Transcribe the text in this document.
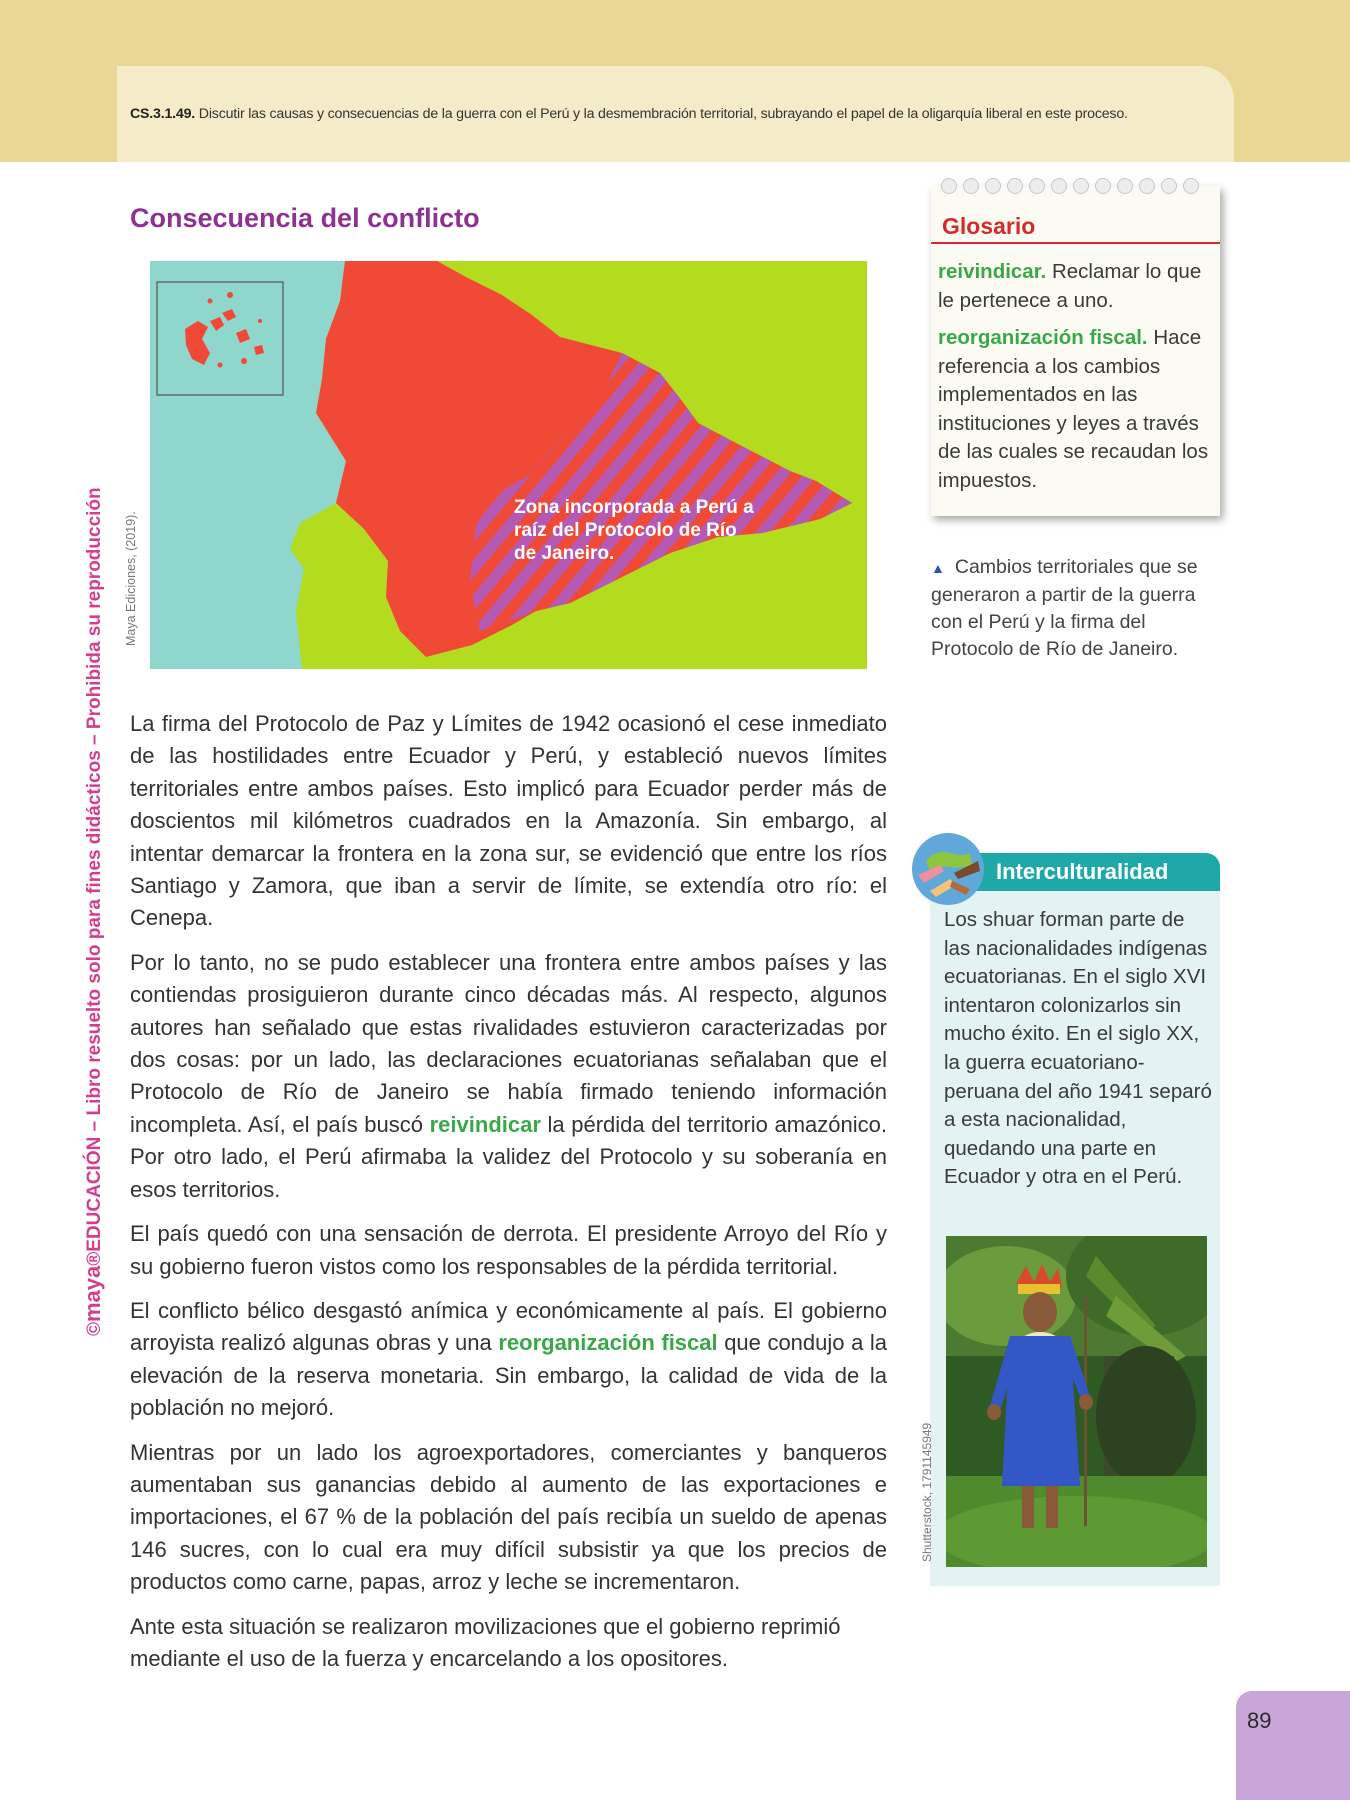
CS.3.1.49. Discutir las causas y consecuencias de la guerra con el Perú y la desmembración territorial, subrayando el papel de la oligarquía liberal en este proceso.

©maya®EDUCACIÓN – Libro resuelto solo para fines didácticos – Prohibida su reproducción
Consecuencia del conflicto
Zona incorporada a Perú a raíz del Protocolo de Río de Janeiro.
Maya Ediciones, (2019).

La firma del Protocolo de Paz y Límites de 1942 ocasionó el cese inmediato de las hostilidades entre Ecuador y Perú, y estableció nuevos límites territoriales entre ambos países. Esto implicó para Ecuador perder más de doscientos mil kilómetros cuadrados en la Amazonía. Sin embargo, al intentar demarcar la frontera en la zona sur, se evidenció que entre los ríos Santiago y Zamora, que iban a servir de límite, se extendía otro río: el Cenepa.

Por lo tanto, no se pudo establecer una frontera entre ambos países y las contiendas prosiguieron durante cinco décadas más. Al respecto, algunos autores han señalado que estas rivalidades estuvieron caracterizadas por dos cosas: por un lado, las declaraciones ecuatorianas señalaban que el Protocolo de Río de Janeiro se había firmado teniendo información incompleta. Así, el país buscó reivindicar la pérdida del territorio amazónico. Por otro lado, el Perú afirmaba la validez del Protocolo y su soberanía en esos territorios.

El país quedó con una sensación de derrota. El presidente Arroyo del Río y su gobierno fueron vistos como los responsables de la pérdida territorial.

El conflicto bélico desgastó anímica y económicamente al país. El gobierno arroyista realizó algunas obras y una reorganización fiscal que condujo a la elevación de la reserva monetaria. Sin embargo, la calidad de vida de la población no mejoró.

Mientras por un lado los agroexportadores, comerciantes y banqueros aumentaban sus ganancias debido al aumento de las exportaciones e importaciones, el 67 % de la población del país recibía un sueldo de apenas 146 sucres, con lo cual era muy difícil subsistir ya que los precios de productos como carne, papas, arroz y leche se incrementaron.

Ante esta situación se realizaron movilizaciones que el gobierno reprimió mediante el uso de la fuerza y encarcelando a los opositores.

Glosario

reivindicar. Reclamar lo que le pertenece a uno.

reorganización fiscal. Hace referencia a los cambios implementados en las instituciones y leyes a través de las cuales se recaudan los impuestos.

▲ Cambios territoriales que se generaron a partir de la guerra con el Perú y la firma del Protocolo de Río de Janeiro.

Interculturalidad

Los shuar forman parte de las nacionalidades indígenas ecuatorianas. En el siglo XVI intentaron colonizarlos sin mucho éxito. En el siglo XX, la guerra ecuatoriano-peruana del año 1941 separó a esta nacionalidad, quedando una parte en Ecuador y otra en el Perú.

Shutterstock, 1791145949
89
